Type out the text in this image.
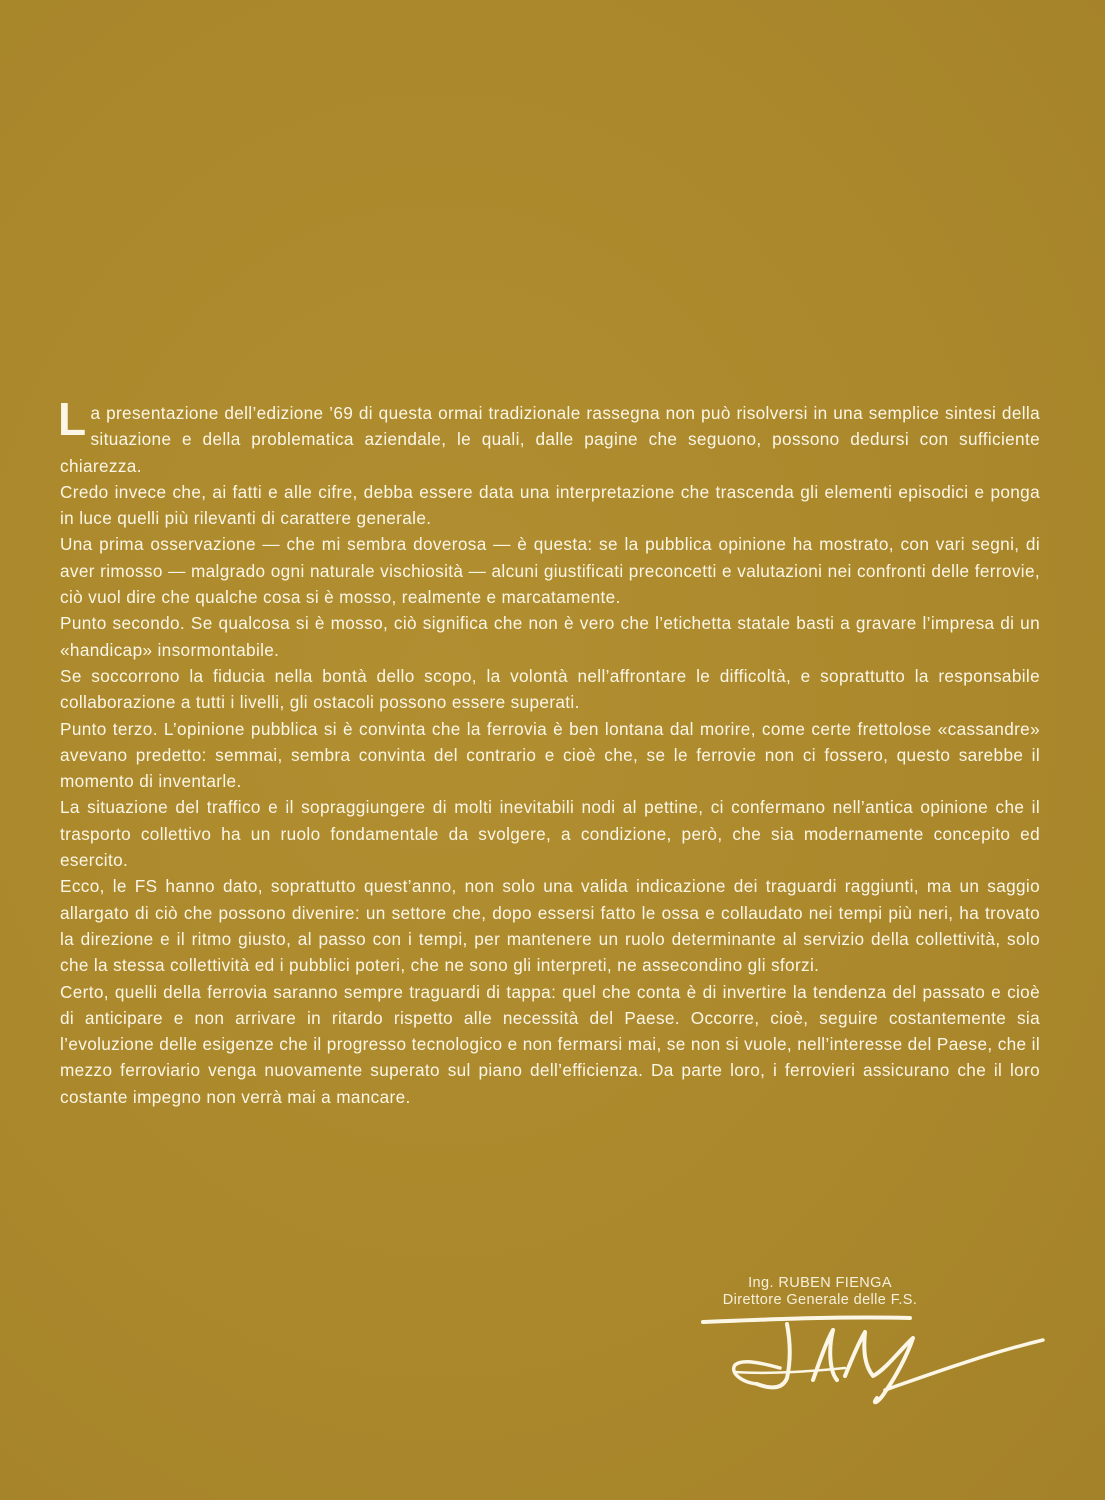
La presentazione dell’edizione ’69 di questa ormai tradizionale rassegna non può risolversi in una semplice sintesi della situazione e della problematica aziendale, le quali, dalle pagine che seguono, possono dedursi con sufficiente chiarezza.

Credo invece che, ai fatti e alle cifre, debba essere data una interpretazione che trascenda gli elementi episodici e ponga in luce quelli più rilevanti di carattere generale.

Una prima osservazione — che mi sembra doverosa — è questa: se la pubblica opinione ha mostrato, con vari segni, di aver rimosso — malgrado ogni naturale vischiosità — alcuni giustificati preconcetti e valutazioni nei confronti delle ferrovie, ciò vuol dire che qualche cosa si è mosso, realmente e marcatamente.

Punto secondo. Se qualcosa si è mosso, ciò significa che non è vero che l’etichetta statale basti a gravare l’impresa di un «handicap» insormontabile.

Se soccorrono la fiducia nella bontà dello scopo, la volontà nell’affrontare le difficoltà, e soprattutto la responsabile collaborazione a tutti i livelli, gli ostacoli possono essere superati.

Punto terzo. L’opinione pubblica si è convinta che la ferrovia è ben lontana dal morire, come certe frettolose «cassandre» avevano predetto: semmai, sembra convinta del contrario e cioè che, se le ferrovie non ci fossero, questo sarebbe il momento di inventarle.

La situazione del traffico e il sopraggiungere di molti inevitabili nodi al pettine, ci confermano nell’antica opinione che il trasporto collettivo ha un ruolo fondamentale da svolgere, a condizione, però, che sia modernamente concepito ed esercito.

Ecco, le FS hanno dato, soprattutto quest’anno, non solo una valida indicazione dei traguardi raggiunti, ma un saggio allargato di ciò che possono divenire: un settore che, dopo essersi fatto le ossa e collaudato nei tempi più neri, ha trovato la direzione e il ritmo giusto, al passo con i tempi, per mantenere un ruolo determinante al servizio della collettività, solo che la stessa collettività ed i pubblici poteri, che ne sono gli interpreti, ne assecondino gli sforzi.

Certo, quelli della ferrovia saranno sempre traguardi di tappa: quel che conta è di invertire la tendenza del passato e cioè di anticipare e non arrivare in ritardo rispetto alle necessità del Paese. Occorre, cioè, seguire costantemente sia l’evoluzione delle esigenze che il progresso tecnologico e non fermarsi mai, se non si vuole, nell’interesse del Paese, che il mezzo ferroviario venga nuovamente superato sul piano dell’efficienza. Da parte loro, i ferrovieri assicurano che il loro costante impegno non verrà mai a mancare.

Ing. RUBEN FIENGA
Direttore Generale delle F.S.
